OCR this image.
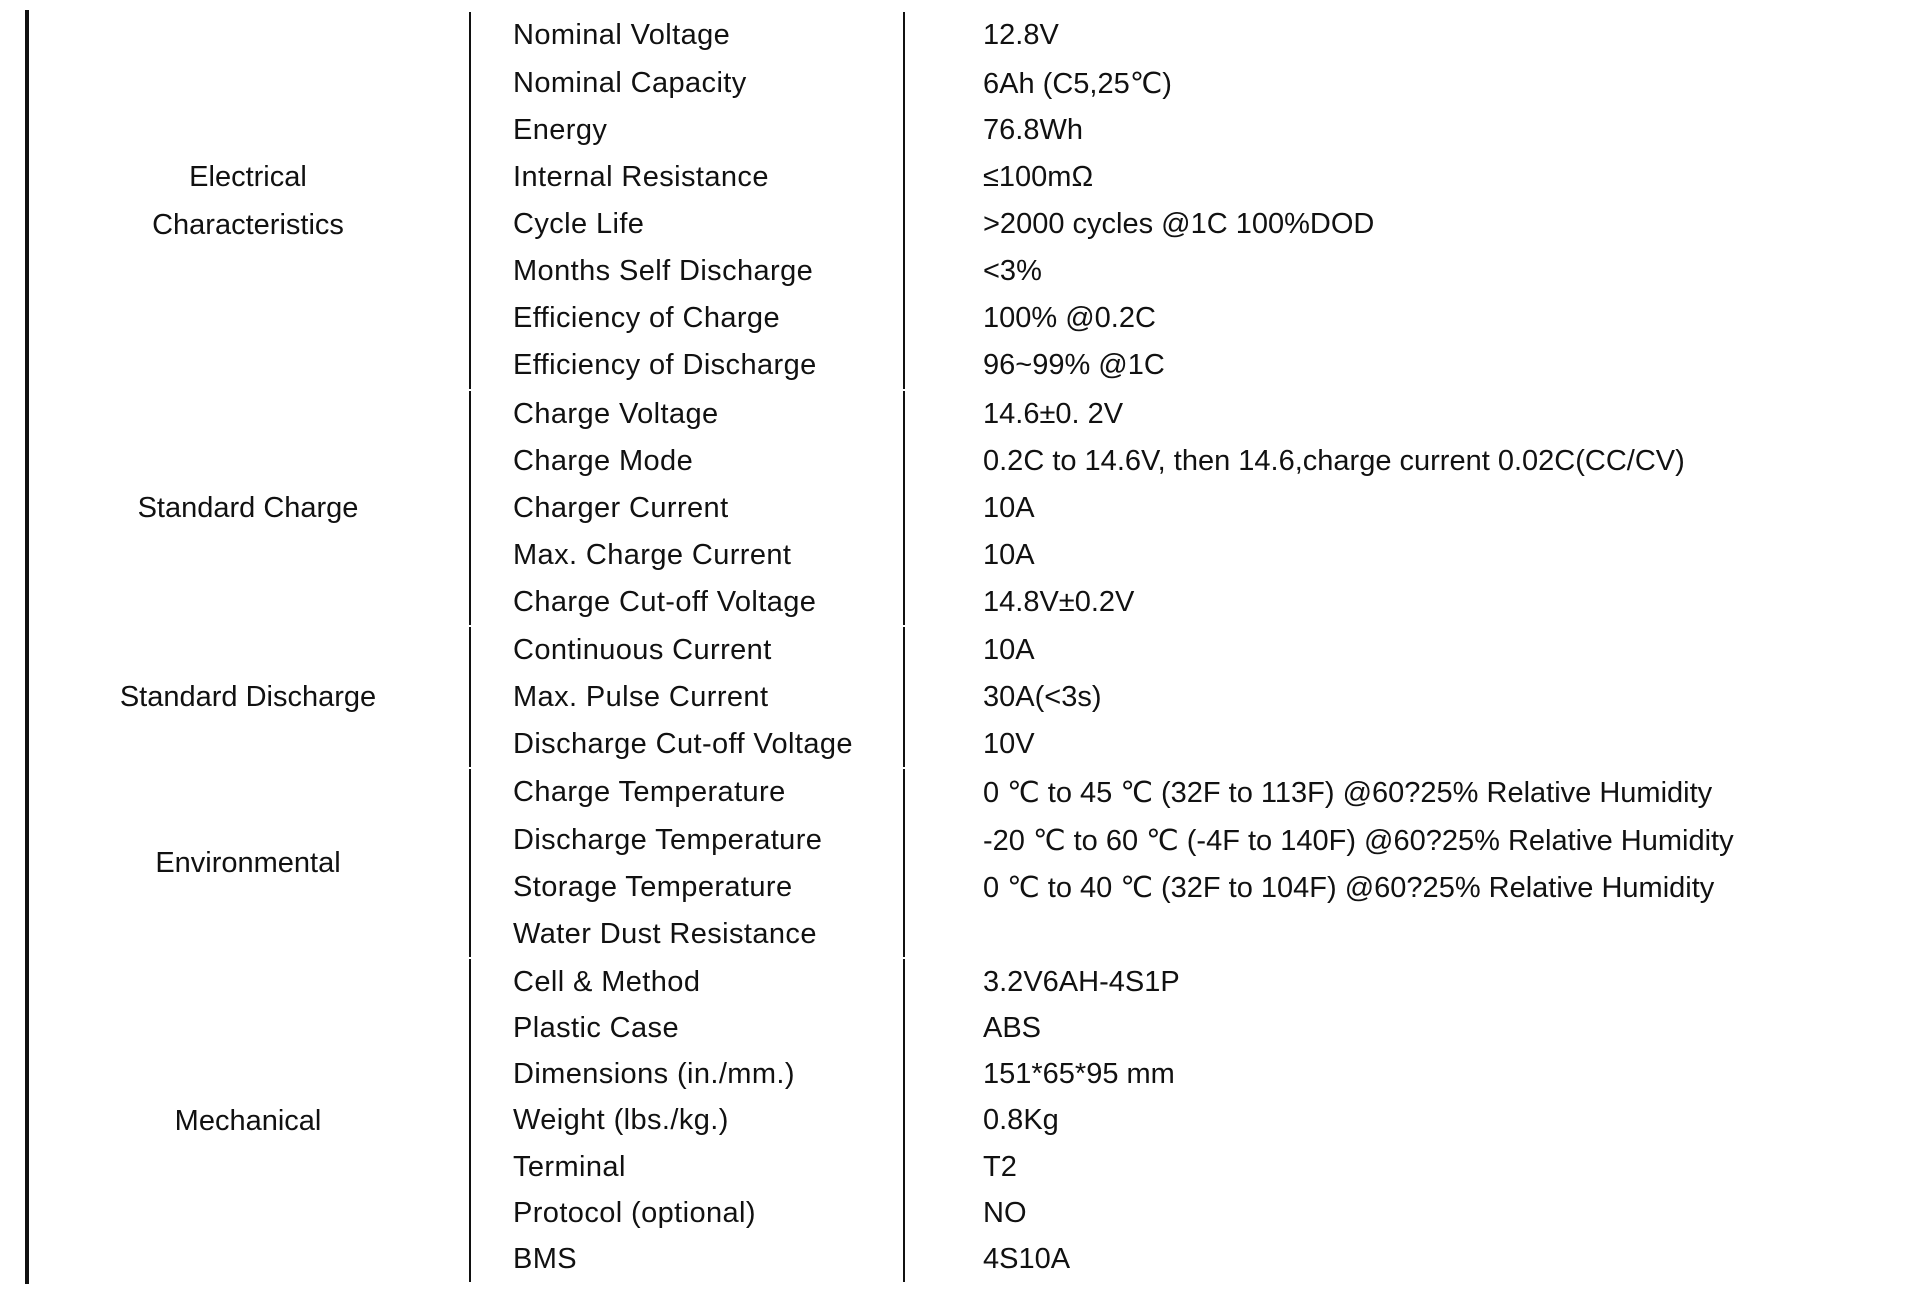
Electrical
Characteristics
Nominal Voltage	12.8V
Nominal Capacity	6Ah (C5,25℃)
Energy	76.8Wh
Internal Resistance	≤100mΩ
Cycle Life	>2000 cycles @1C 100%DOD
Months Self Discharge	<3%
Efficiency of Charge	100% @0.2C
Efficiency of Discharge	96~99% @1C
Standard Charge
Charge Voltage	14.6±0. 2V
Charge Mode	0.2C to 14.6V, then 14.6,charge current 0.02C(CC/CV)
Charger Current	10A
Max. Charge Current	10A
Charge Cut-off Voltage	14.8V±0.2V
Standard Discharge
Continuous Current	10A
Max. Pulse Current	30A(<3s)
Discharge Cut-off Voltage	10V
Environmental
Charge Temperature	0 ℃ to 45 ℃ (32F to 113F) @60?25% Relative Humidity
Discharge Temperature	-20 ℃ to 60 ℃ (-4F to 140F) @60?25% Relative Humidity
Storage Temperature	0 ℃ to 40 ℃ (32F to 104F) @60?25% Relative Humidity
Water Dust Resistance
Mechanical
Cell & Method	3.2V6AH-4S1P
Plastic Case	ABS
Dimensions (in./mm.)	151*65*95 mm
Weight (lbs./kg.)	0.8Kg
Terminal	T2
Protocol (optional)	NO
BMS	4S10A
